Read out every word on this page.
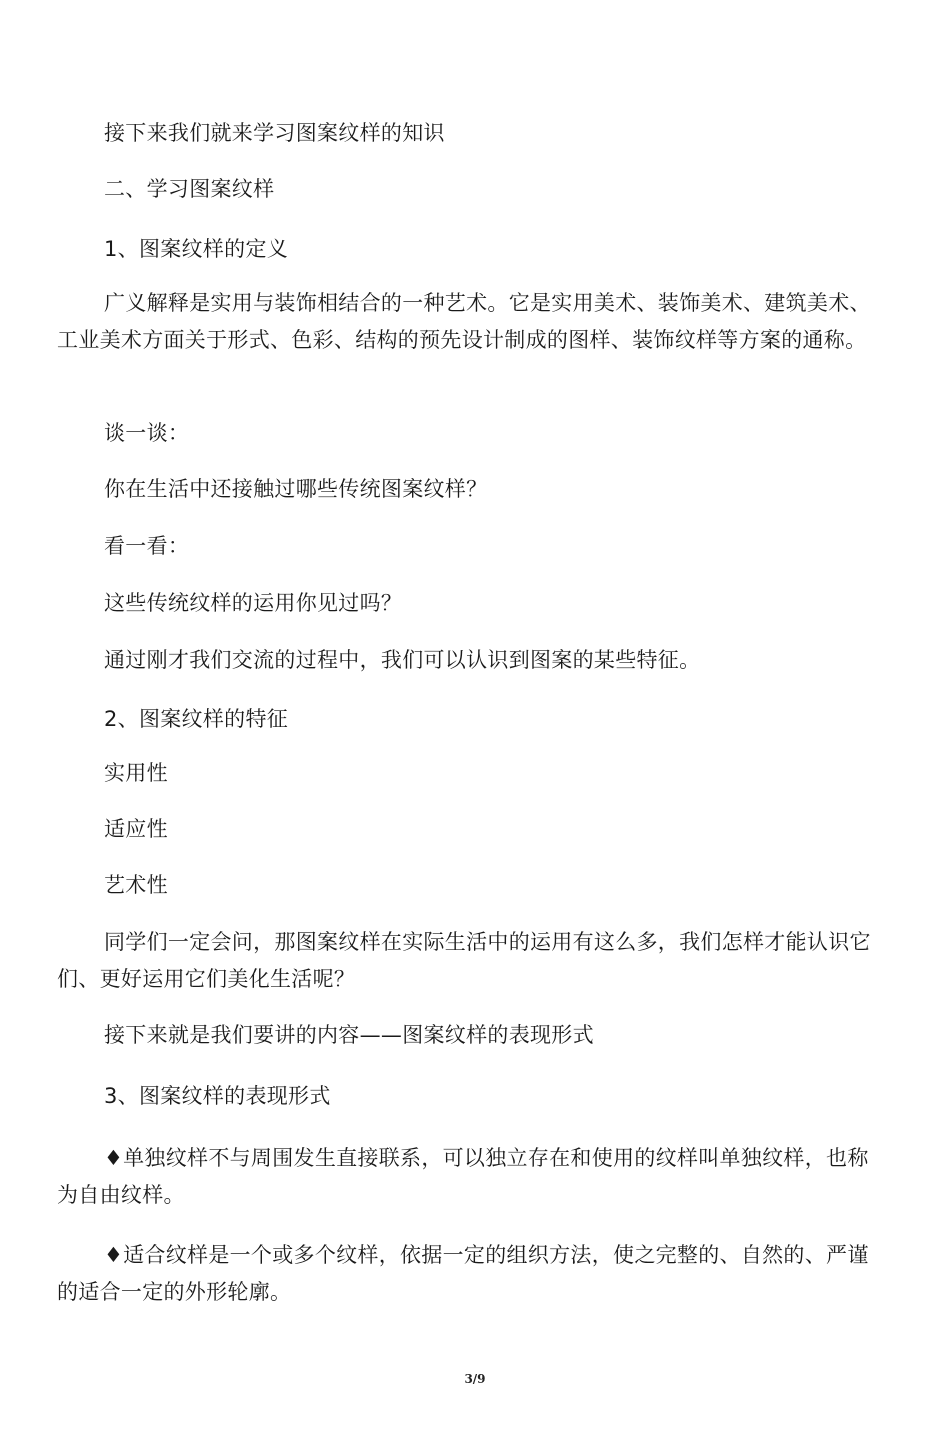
接下来我们就来学习图案纹样的知识

二、学习图案纹样

1、图案纹样的定义

广义解释是实用与装饰相结合的一种艺术。它是实用美术、装饰美术、建筑美术、工业美术方面关于形式、色彩、结构的预先设计制成的图样、装饰纹样等方案的通称。

谈一谈：

你在生活中还接触过哪些传统图案纹样？

看一看：

这些传统纹样的运用你见过吗？

通过刚才我们交流的过程中，我们可以认识到图案的某些特征。

2、图案纹样的特征

实用性

适应性

艺术性

同学们一定会问，那图案纹样在实际生活中的运用有这么多，我们怎样才能认识它们、更好运用它们美化生活呢？

接下来就是我们要讲的内容——图案纹样的表现形式

3、图案纹样的表现形式

♦单独纹样不与周围发生直接联系，可以独立存在和使用的纹样叫单独纹样，也称为自由纹样。

♦适合纹样是一个或多个纹样，依据一定的组织方法，使之完整的、自然的、严谨的适合一定的外形轮廓。

3/9
